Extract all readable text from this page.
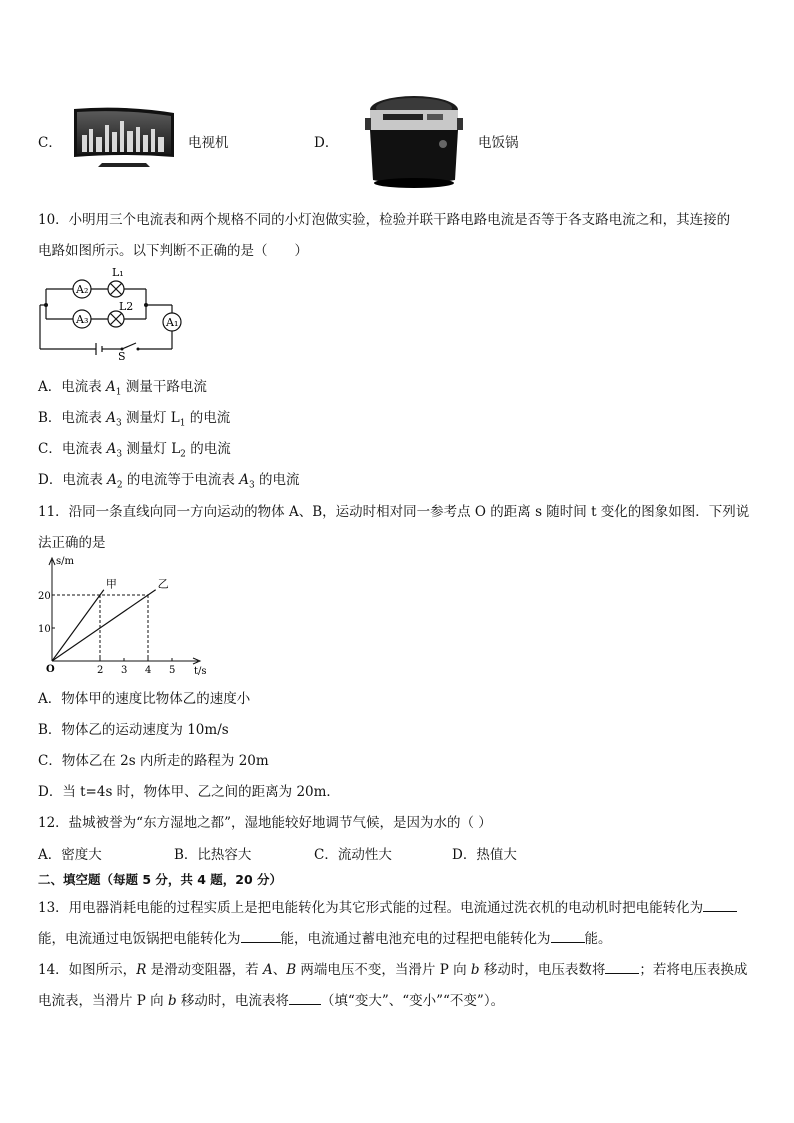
C．	电视机	D．	电饭锅
10．小明用三个电流表和两个规格不同的小灯泡做实验，检验并联干路电路电流是否等于各支路电流之和，其连接的
电路如图所示。以下判断不正确的是（　　）
A₂
A₃	A₁
L₁
L2
S
A．电流表 $A_1$ 测量干路电流
B．电流表 $A_3$ 测量灯 $L_1$ 的电流
C．电流表 $A_3$ 测量灯 $L_2$ 的电流
D．电流表 $A_2$ 的电流等于电流表 $A_3$ 的电流
11．沿同一条直线向同一方向运动的物体 A、B，运动时相对同一参考点 O 的距离 s 随时间 t 变化的图象如图．下列说
法正确的是
s/m
t/s
O	2 3 4 5
10
20
甲	乙
A．物体甲的速度比物体乙的速度小
B．物体乙的运动速度为 10m/s
C．物体乙在 2s 内所走的路程为 20m
D．当 t=4s 时，物体甲、乙之间的距离为 20m．
12．盐城被誉为“东方湿地之都”，湿地能较好地调节气候，是因为水的（ ）
A．密度大	B．比热容大	C．流动性大	D．热值大
二、填空题（每题 5 分，共 4 题，20 分）
13．用电器消耗电能的过程实质上是把电能转化为其它形式能的过程。电流通过洗衣机的电动机时把电能转化为
能，电流通过电饭锅把电能转化为	能，电流通过蓄电池充电的过程把电能转化为	能。
14．如图所示，R 是滑动变阻器，若 A、B 两端电压不变，当滑片 P 向 b 移动时，电压表数将	；若将电压表换成
电流表，当滑片 P 向 b 移动时，电流表将 （填“变大”、“变小”“不变”）。
